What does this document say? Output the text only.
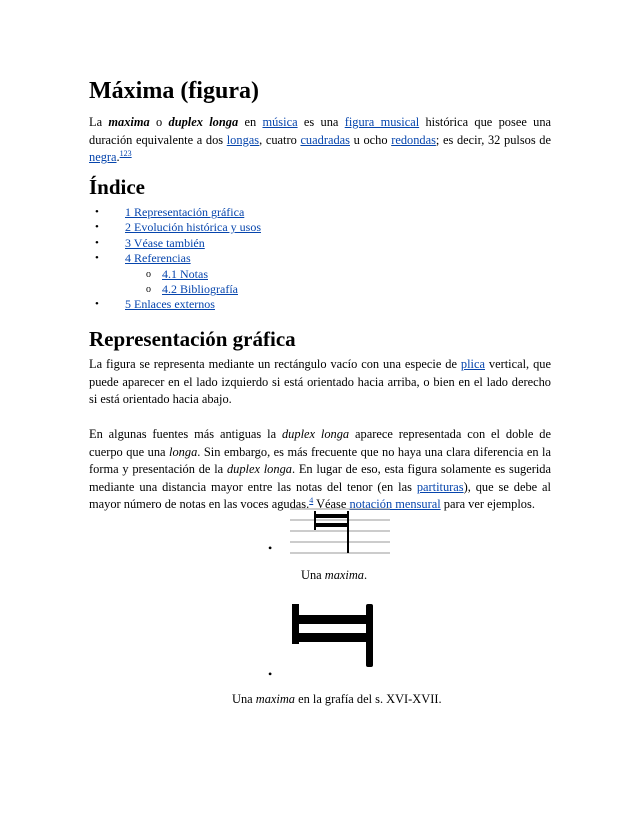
Máxima (figura)

La maxima o duplex longa en música es una figura musical histórica que posee una duración equivalente a dos longas, cuatro cuadradas u ocho redondas; es decir, 32 pulsos de negra.$^{123}$

Índice
• 1 Representación gráfica
• 2 Evolución histórica y usos
• 3 Véase también
• 4 Referencias
o 4.1 Notas
o 4.2 Bibliografía
• 5 Enlaces externos
Representación gráfica

La figura se representa mediante un rectángulo vacío con una especie de plica vertical, que puede aparecer en el lado izquierdo si está orientado hacia arriba, o bien en el lado derecho si está orientado hacia abajo.

En algunas fuentes más antiguas la duplex longa aparece representada con el doble de cuerpo que una longa. Sin embargo, es más frecuente que no haya una clara diferencia en la forma y presentación de la duplex longa. En lugar de eso, esta figura solamente es sugerida mediante una distancia mayor entre las notas del tenor (en las partituras), que se debe al mayor número de notas en las voces agudas.$^4$ Véase notación mensural para ver ejemplos.

•
Una maxima.
•
Una maxima en la grafía del s. XVI-XVII.
